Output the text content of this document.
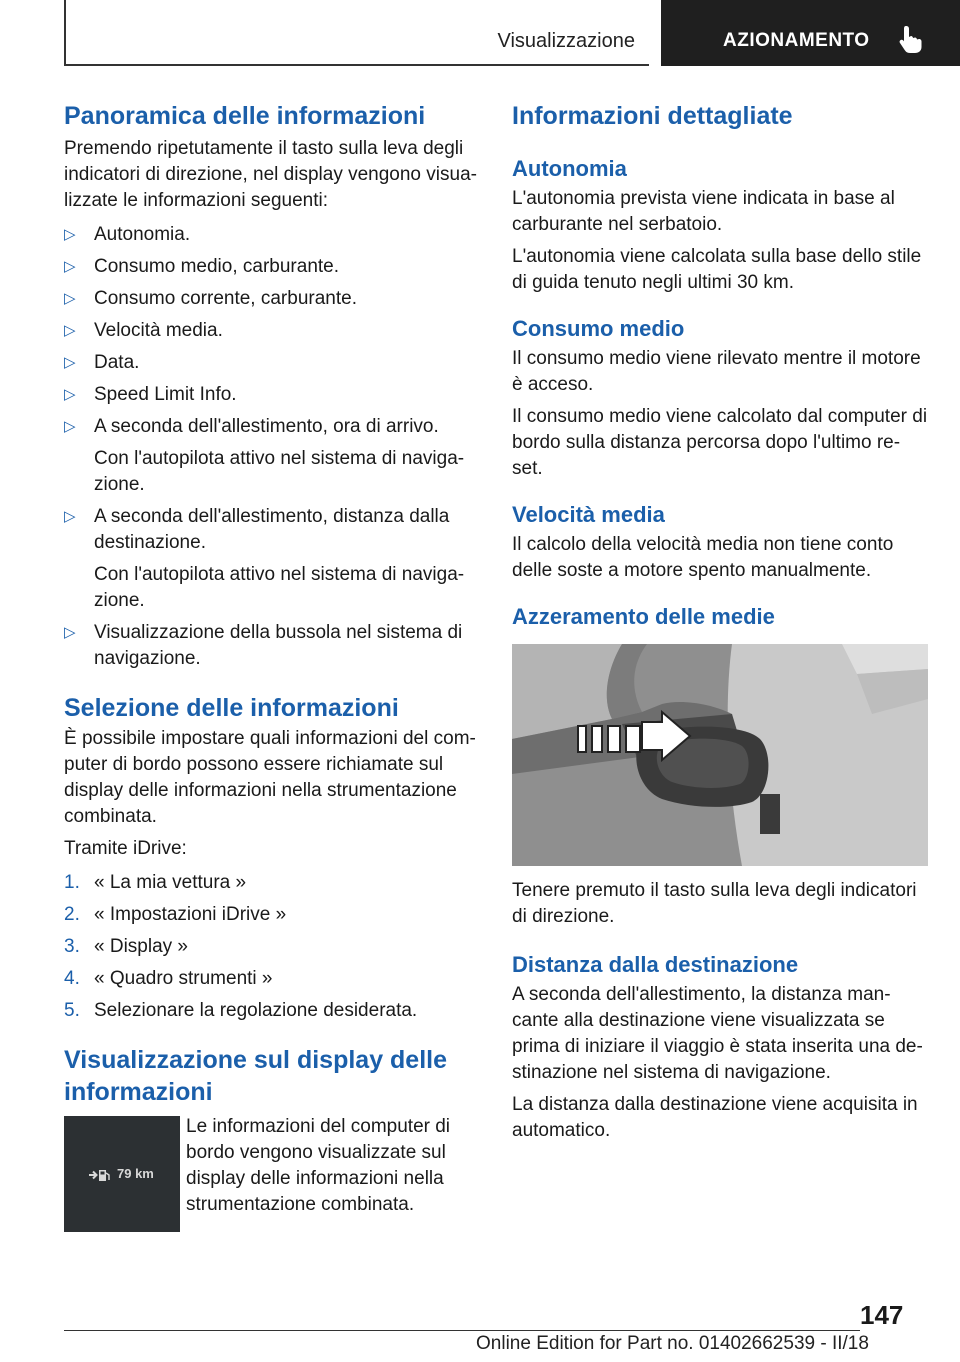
Visualizzazione	AZIONAMENTO
Panoramica delle informazioni

Premendo ripetutamente il tasto sulla leva degli indicatori di direzione, nel display vengono visua-lizzate le informazioni seguenti:

▷ Autonomia.
▷ Consumo medio, carburante.
▷ Consumo corrente, carburante.
▷ Velocità media.
▷ Data.
▷ Speed Limit Info.
▷ A seconda dell'allestimento, ora di arrivo.
Con l'autopilota attivo nel sistema di naviga-zione.
▷ A seconda dell'allestimento, distanza dalla destinazione.
Con l'autopilota attivo nel sistema di naviga-zione.
▷ Visualizzazione della bussola nel sistema di navigazione.
Selezione delle informazioni

È possibile impostare quali informazioni del com-puter di bordo possono essere richiamate sul display delle informazioni nella strumentazione combinata.

Tramite iDrive:

1. « La mia vettura »
2. « Impostazioni iDrive »
3. « Display »
4. « Quadro strumenti »
5. Selezionare la regolazione desiderata.
Visualizzazione sul display delle informazioni
79 km

Le informazioni del computer di bordo vengono visualizzate sul display delle informazioni nella strumentazione combinata.

Informazioni dettagliate
Autonomia

L'autonomia prevista viene indicata in base al carburante nel serbatoio.

L'autonomia viene calcolata sulla base dello stile di guida tenuto negli ultimi 30 km.

Consumo medio

Il consumo medio viene rilevato mentre il motore è acceso.

Il consumo medio viene calcolato dal computer di bordo sulla distanza percorsa dopo l'ultimo re-set.

Velocità media

Il calcolo della velocità media non tiene conto delle soste a motore spento manualmente.

Azzeramento delle medie

Tenere premuto il tasto sulla leva degli indicatori di direzione.

Distanza dalla destinazione

A seconda dell'allestimento, la distanza man-cante alla destinazione viene visualizzata se prima di iniziare il viaggio è stata inserita una de-stinazione nel sistema di navigazione.

La distanza dalla destinazione viene acquisita in automatico.

147
Online Edition for Part no. 01402662539 - II/18
